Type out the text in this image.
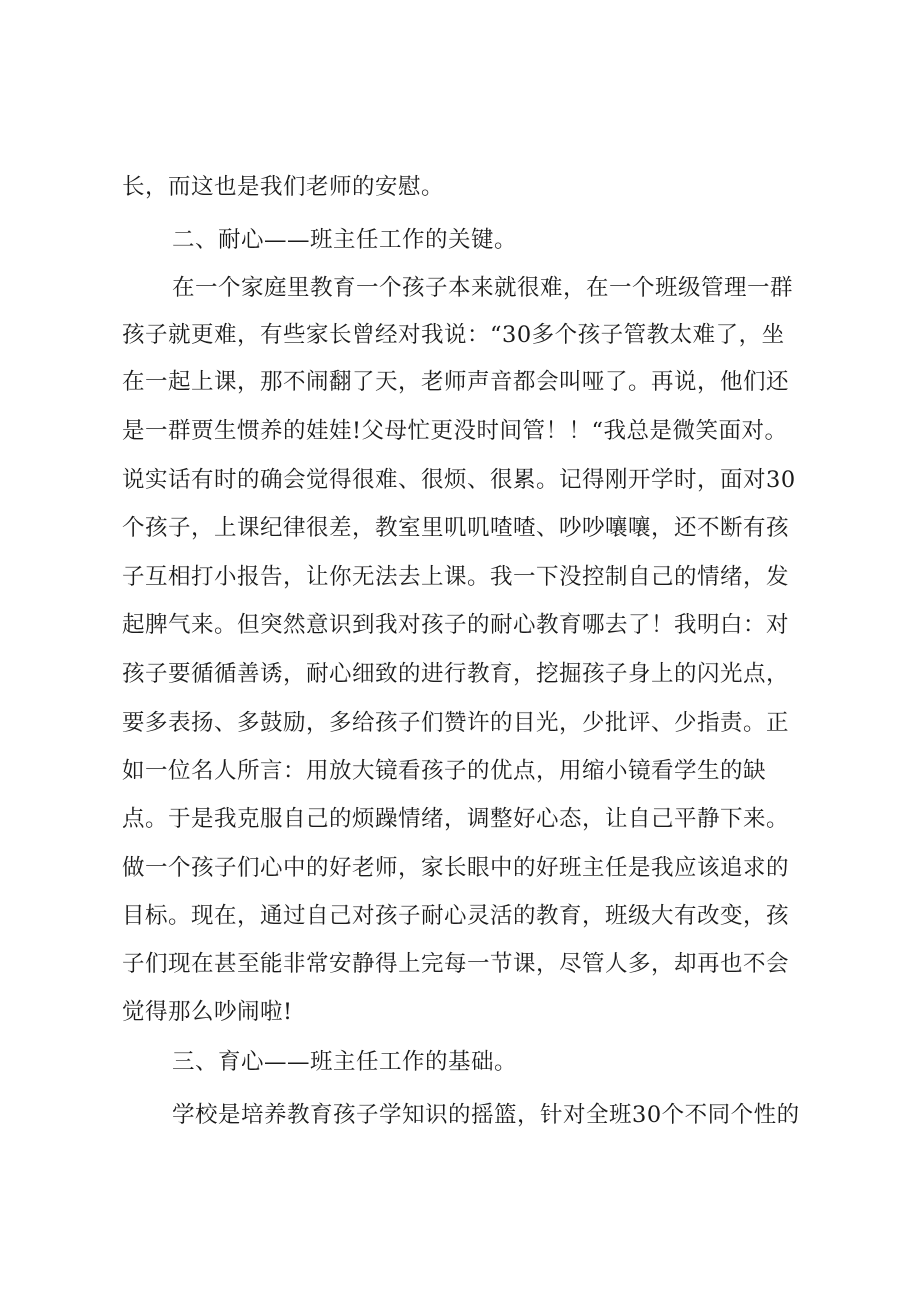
长，而这也是我们老师的安慰。
二、耐心——班主任工作的关键。
在一个家庭里教育一个孩子本来就很难，在一个班级管理一群
孩子就更难，有些家长曾经对我说：“30多个孩子管教太难了，坐
在一起上课，那不闹翻了天，老师声音都会叫哑了。再说，他们还
是一群贾生惯养的娃娃!父母忙更没时间管！！“我总是微笑面对。
说实话有时的确会觉得很难、很烦、很累。记得刚开学时，面对30
个孩子，上课纪律很差，教室里叽叽喳喳、吵吵嚷嚷，还不断有孩
子互相打小报告，让你无法去上课。我一下没控制自己的情绪，发
起脾气来。但突然意识到我对孩子的耐心教育哪去了！我明白：对
孩子要循循善诱，耐心细致的进行教育，挖掘孩子身上的闪光点，
要多表扬、多鼓励，多给孩子们赞许的目光，少批评、少指责。正
如一位名人所言：用放大镜看孩子的优点，用缩小镜看学生的缺
点。于是我克服自己的烦躁情绪，调整好心态，让自己平静下来。
做一个孩子们心中的好老师，家长眼中的好班主任是我应该追求的
目标。现在，通过自己对孩子耐心灵活的教育，班级大有改变，孩
子们现在甚至能非常安静得上完每一节课，尽管人多，却再也不会
觉得那么吵闹啦!
三、育心——班主任工作的基础。
学校是培养教育孩子学知识的摇篮，针对全班30个不同个性的
